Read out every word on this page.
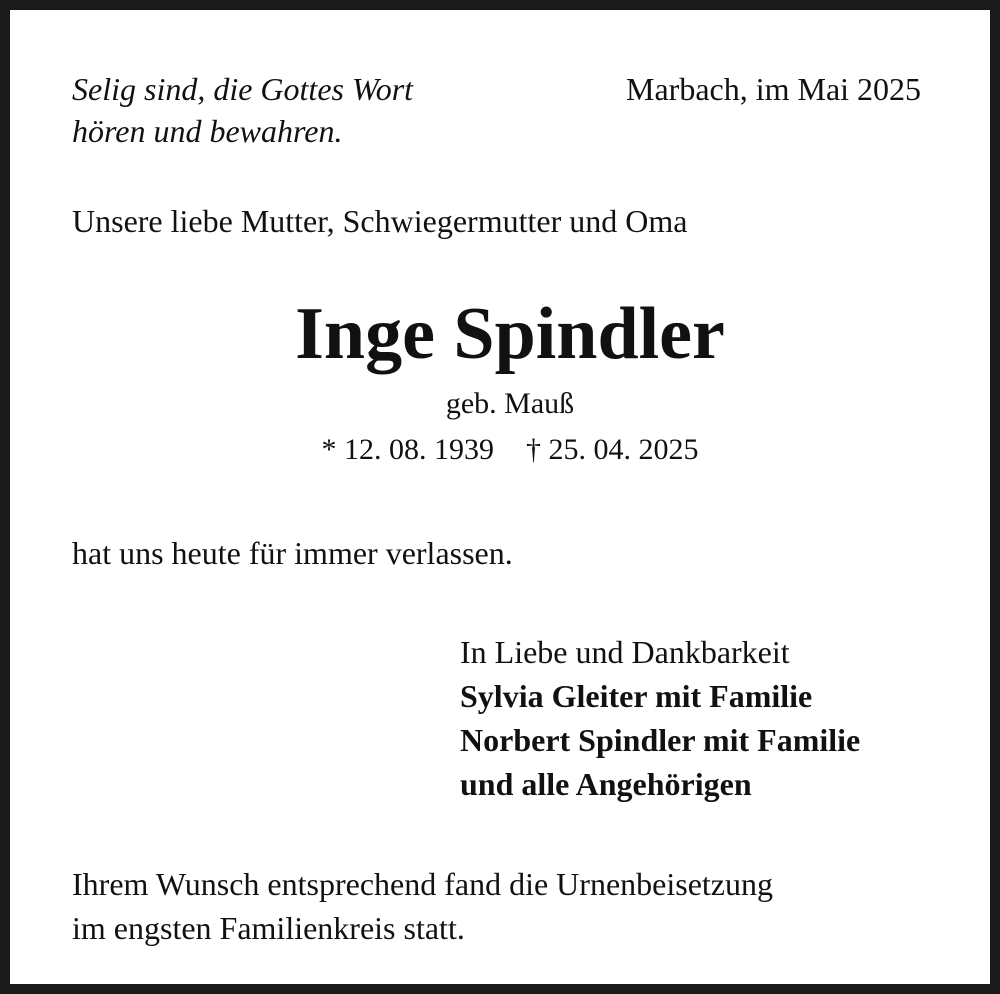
Selig sind, die Gottes Wort
hören und bewahren.
Marbach, im Mai 2025
Unsere liebe Mutter, Schwiegermutter und Oma
Inge Spindler
geb. Mauß
* 12. 08. 1939 † 25. 04. 2025
hat uns heute für immer verlassen.
In Liebe und Dankbarkeit
Sylvia Gleiter mit Familie
Norbert Spindler mit Familie
und alle Angehörigen
Ihrem Wunsch entsprechend fand die Urnenbeisetzung
im engsten Familienkreis statt.
